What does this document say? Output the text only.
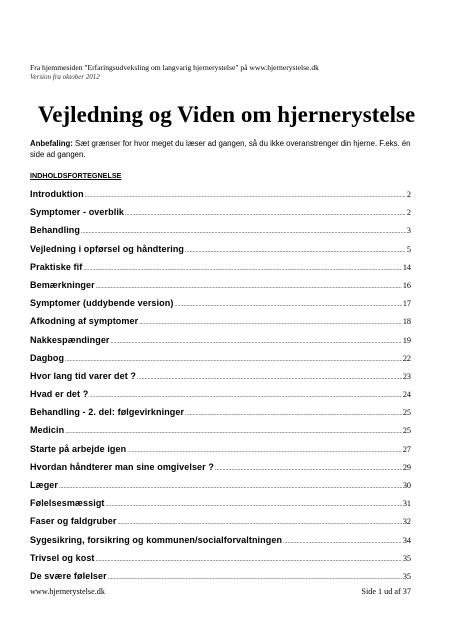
Fra hjemmesiden "Erfaringsudveksling om langvarig hjernerystelse" på www.hjernerystelse.dk
Version fra oktober 2012
Vejledning og Viden om hjernerystelse
Anbefaling: Sæt grænser for hvor meget du læser ad gangen, så du ikke overanstrenger din hjerne. F.eks. én side ad gangen.
INDHOLDSFORTEGNELSE
Introduktion .....	2
Symptomer - overblik .....	2
Behandling .....	3
Vejledning i opførsel og håndtering .....	5
Praktiske fif .....	14
Bemærkninger .....	16
Symptomer (uddybende version) .....	17
Afkodning af symptomer .....	18
Nakkespændinger .....	19
Dagbog .....	22
Hvor lang tid varer det ? .....	23
Hvad er det ? .....	24
Behandling - 2. del: følgevirkninger .....	25
Medicin .....	25
Starte på arbejde igen .....	27
Hvordan håndterer man sine omgivelser ? .....	29
Læger .....	30
Følelsesmæssigt .....	31
Faser og faldgruber .....	32
Sygesikring, forsikring og kommunen/socialforvaltningen .....	34
Trivsel og kost .....	35
De svære følelser .....	35
www.hjernerystelse.dk	Side 1 ud af 37
